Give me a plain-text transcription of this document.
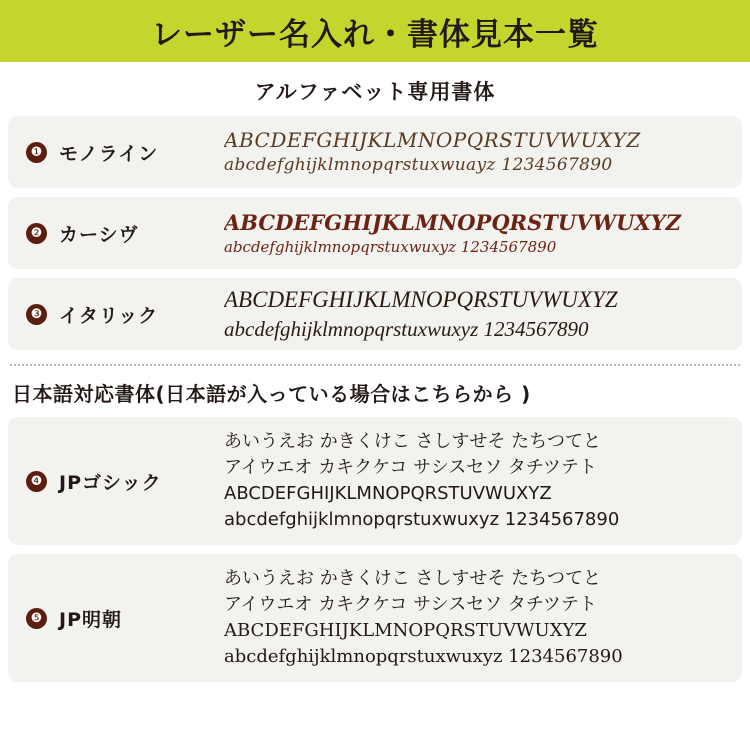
レーザー名入れ・書体見本一覧
アルファベット専用書体
❶ モノライン
ABCDEFGHIJKLMNOPQRSTUVWUXYZ
abcdefghijklmnopqrstuxwuayz 1234567890
❷ カーシヴ	ABCDEFGHIJKLMNOPQRSTUVWUXYZ
abcdefghijklmnopqrstuxwuxyz 1234567890
❸ イタリック
ABCDEFGHIJKLMNOPQRSTUVWUXYZ
abcdefghijklmnopqrstuxwuxyz 1234567890
日本語対応書体(日本語が入っている場合はこちらから )
❹ JPゴシック
あいうえお かきくけこ さしすせそ たちつてと
アイウエオ カキクケコ サシスセソ タチツテト
ABCDEFGHIJKLMNOPQRSTUVWUXYZ
abcdefghijklmnopqrstuxwuxyz 1234567890
❺ JP明朝
あいうえお かきくけこ さしすせそ たちつてと
アイウエオ カキクケコ サシスセソ タチツテト
ABCDEFGHIJKLMNOPQRSTUVWUXYZ
abcdefghijklmnopqrstuxwuxyz 1234567890
